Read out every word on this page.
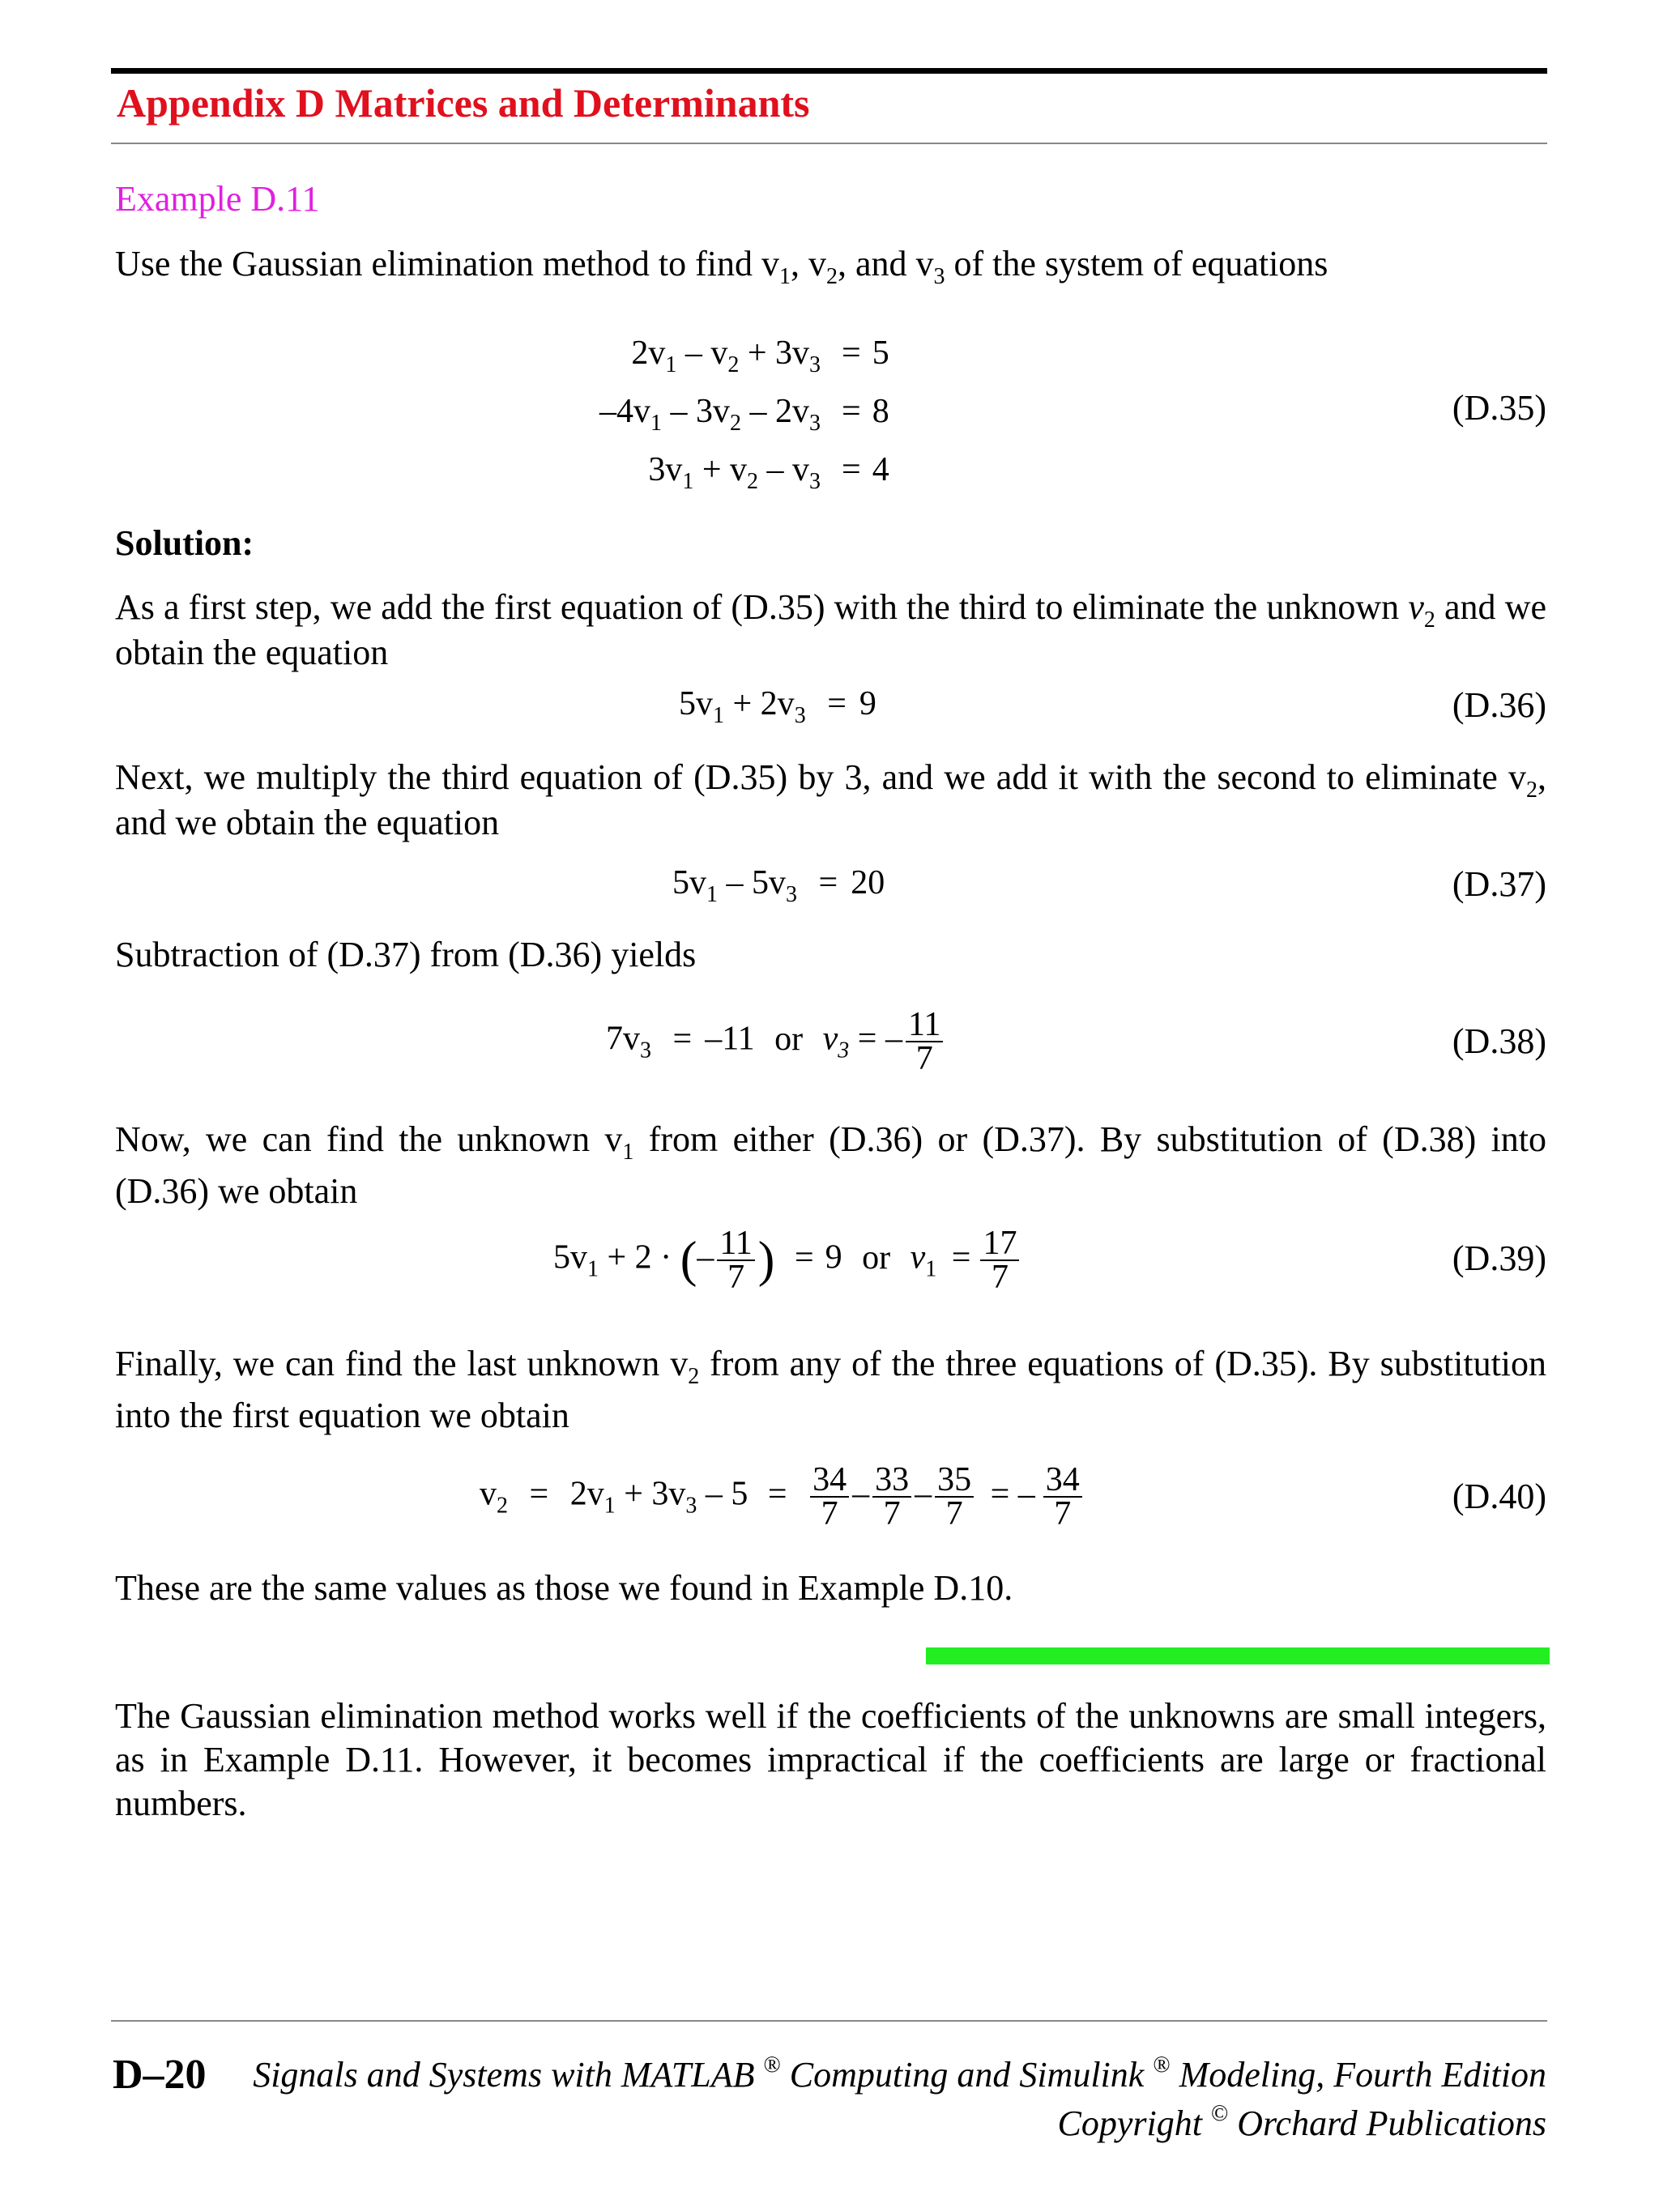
Appendix D Matrices and Determinants
Example D.11
Use the Gaussian elimination method to find $v_1$, $v_2$, and $v_3$ of the system of equations
$2v_1 - v_2 + 3v_3$	=	5
$-4v_1 - 3v_2 - 2v_3$	=	8
$3v_1 + v_2 - v_3$	=	4
(D.35)
Solution:
As a first step, we add the first equation of (D.35) with the third to eliminate the unknown $v_2$ and we obtain the equation
$5v_1 + 2v_3 = 9$	(D.36)
Next, we multiply the third equation of (D.35) by 3, and we add it with the second to eliminate $v_2$, and we obtain the equation
$5v_1 - 5v_3 = 20$	(D.37)
Subtraction of (D.37) from (D.36) yields
$7v_3 = -11$ or $v_3$ = – $\frac{11}{7}$	(D.38)
Now, we can find the unknown $v_1$ from either (D.36) or (D.37). By substitution of (D.38) into (D.36) we obtain
$5v_1 + 2$ · (– $\frac{11}{7}$ ) = 9 or $v_1 = \frac{17}{7}$	(D.39)
Finally, we can find the last unknown $v_2$ from any of the three equations of (D.35). By substitution into the first equation we obtain
$v_2 = 2v_1 + 3v_3 - 5 = \frac{34}{7} - \frac{33}{7} - \frac{35}{7}$ = – $\frac{34}{7}$	(D.40)
These are the same values as those we found in Example D.10.
The Gaussian elimination method works well if the coefficients of the unknowns are small integers, as in Example D.11. However, it becomes impractical if the coefficients are large or fractional numbers.
D–20 Signals and Systems with MATLAB ® Computing and Simulink ® Modeling, Fourth Edition
Copyright © Orchard Publications
